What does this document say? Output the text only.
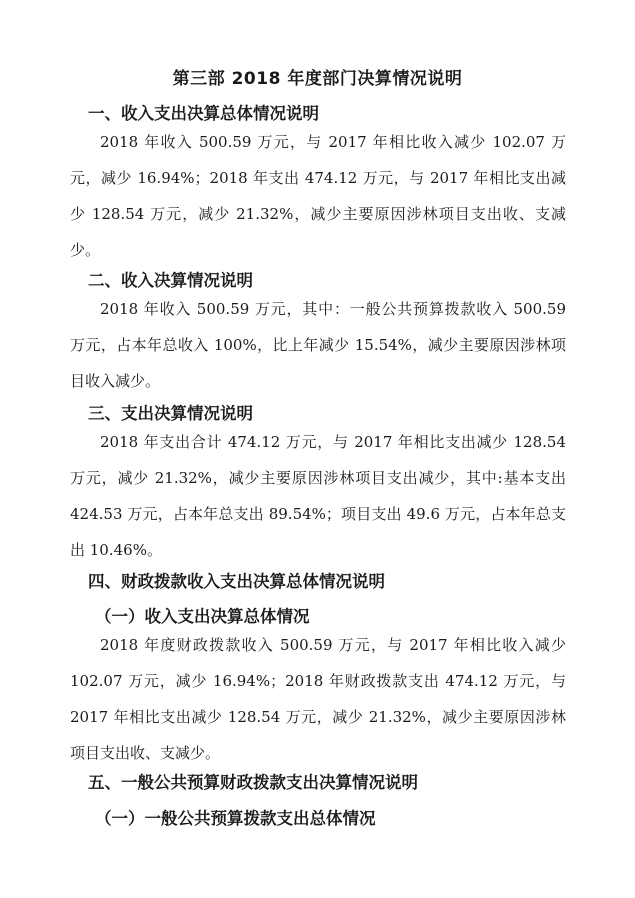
第三部 2018 年度部门决算情况说明
一、收入支出决算总体情况说明
2018 年收入 500.59 万元，与 2017 年相比收入减少 102.07 万元，减少 16.94%；2018 年支出 474.12 万元，与 2017 年相比支出减少 128.54 万元，减少 21.32%，减少主要原因涉林项目支出收、支减少。
二、收入决算情况说明
2018 年收入 500.59 万元，其中：一般公共预算拨款收入 500.59 万元，占本年总收入 100%，比上年减少 15.54%，减少主要原因涉林项目收入减少。
三、支出决算情况说明
2018 年支出合计 474.12 万元，与 2017 年相比支出减少 128.54 万元，减少 21.32%，减少主要原因涉林项目支出减少，其中:基本支出 424.53 万元，占本年总支出 89.54%；项目支出 49.6 万元，占本年总支出 10.46%。
四、财政拨款收入支出决算总体情况说明
（一）收入支出决算总体情况
2018 年度财政拨款收入 500.59 万元，与 2017 年相比收入减少 102.07 万元，减少 16.94%；2018 年财政拨款支出 474.12 万元，与 2017 年相比支出减少 128.54 万元，减少 21.32%，减少主要原因涉林项目支出收、支减少。
五、一般公共预算财政拨款支出决算情况说明
（一）一般公共预算拨款支出总体情况
